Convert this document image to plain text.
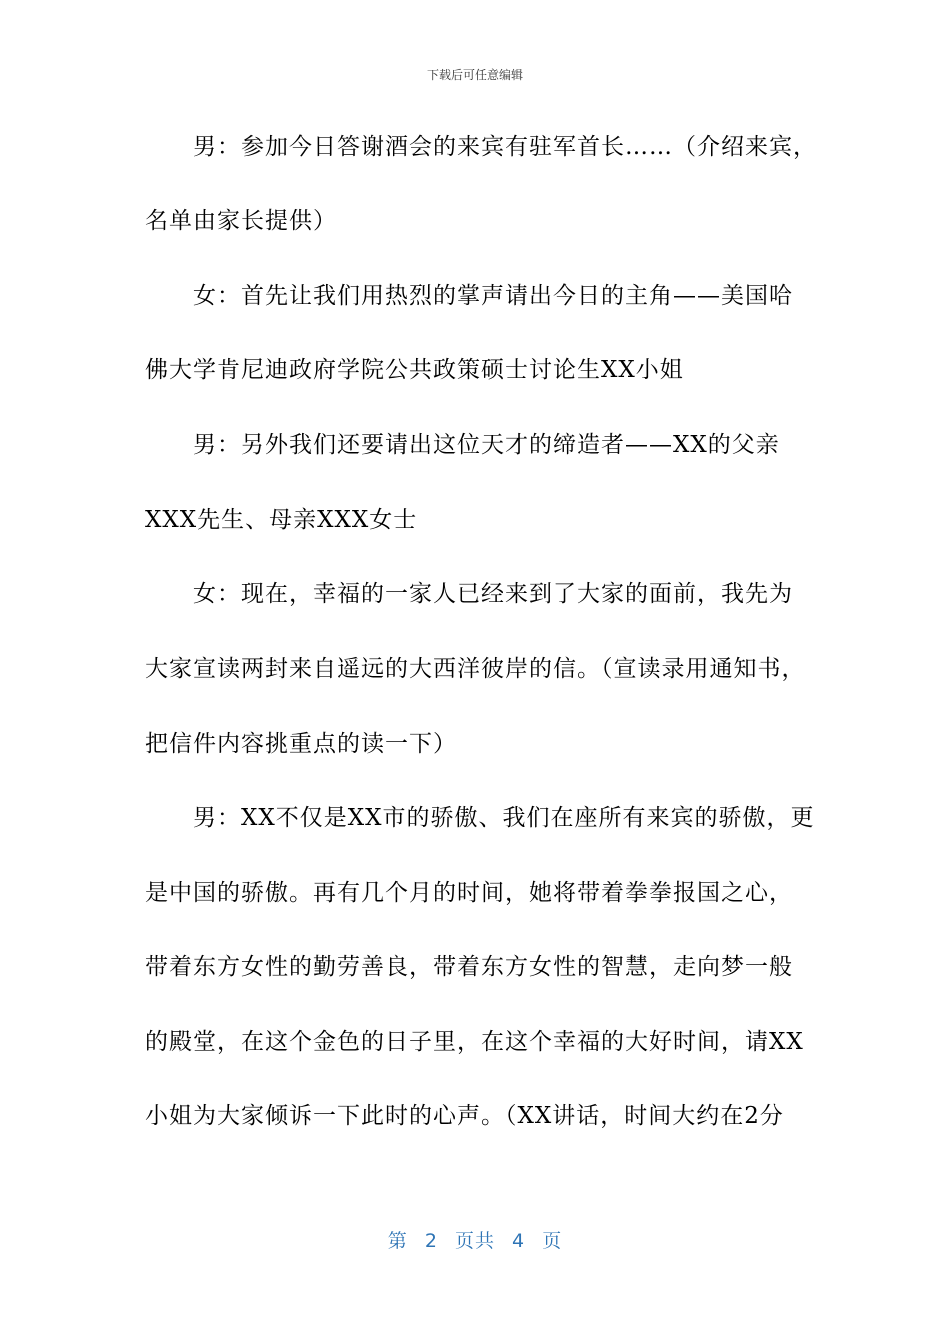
下载后可任意编辑
男：参加今日答谢酒会的来宾有驻军首长……（介绍来宾，
名单由家长提供）
女：首先让我们用热烈的掌声请出今日的主角——美国哈
佛大学肯尼迪政府学院公共政策硕士讨论生XX小姐
男：另外我们还要请出这位天才的缔造者——XX的父亲
XXX先生、母亲XXX女士
女：现在，幸福的一家人已经来到了大家的面前，我先为
大家宣读两封来自遥远的大西洋彼岸的信。（宣读录用通知书，
把信件内容挑重点的读一下）
男：XX不仅是XX市的骄傲、我们在座所有来宾的骄傲，更
是中国的骄傲。再有几个月的时间，她将带着拳拳报国之心，
带着东方女性的勤劳善良，带着东方女性的智慧，走向梦一般
的殿堂，在这个金色的日子里，在这个幸福的大好时间，请XX
小姐为大家倾诉一下此时的心声。（XX讲话，时间大约在2分
第 2 页共 4 页
